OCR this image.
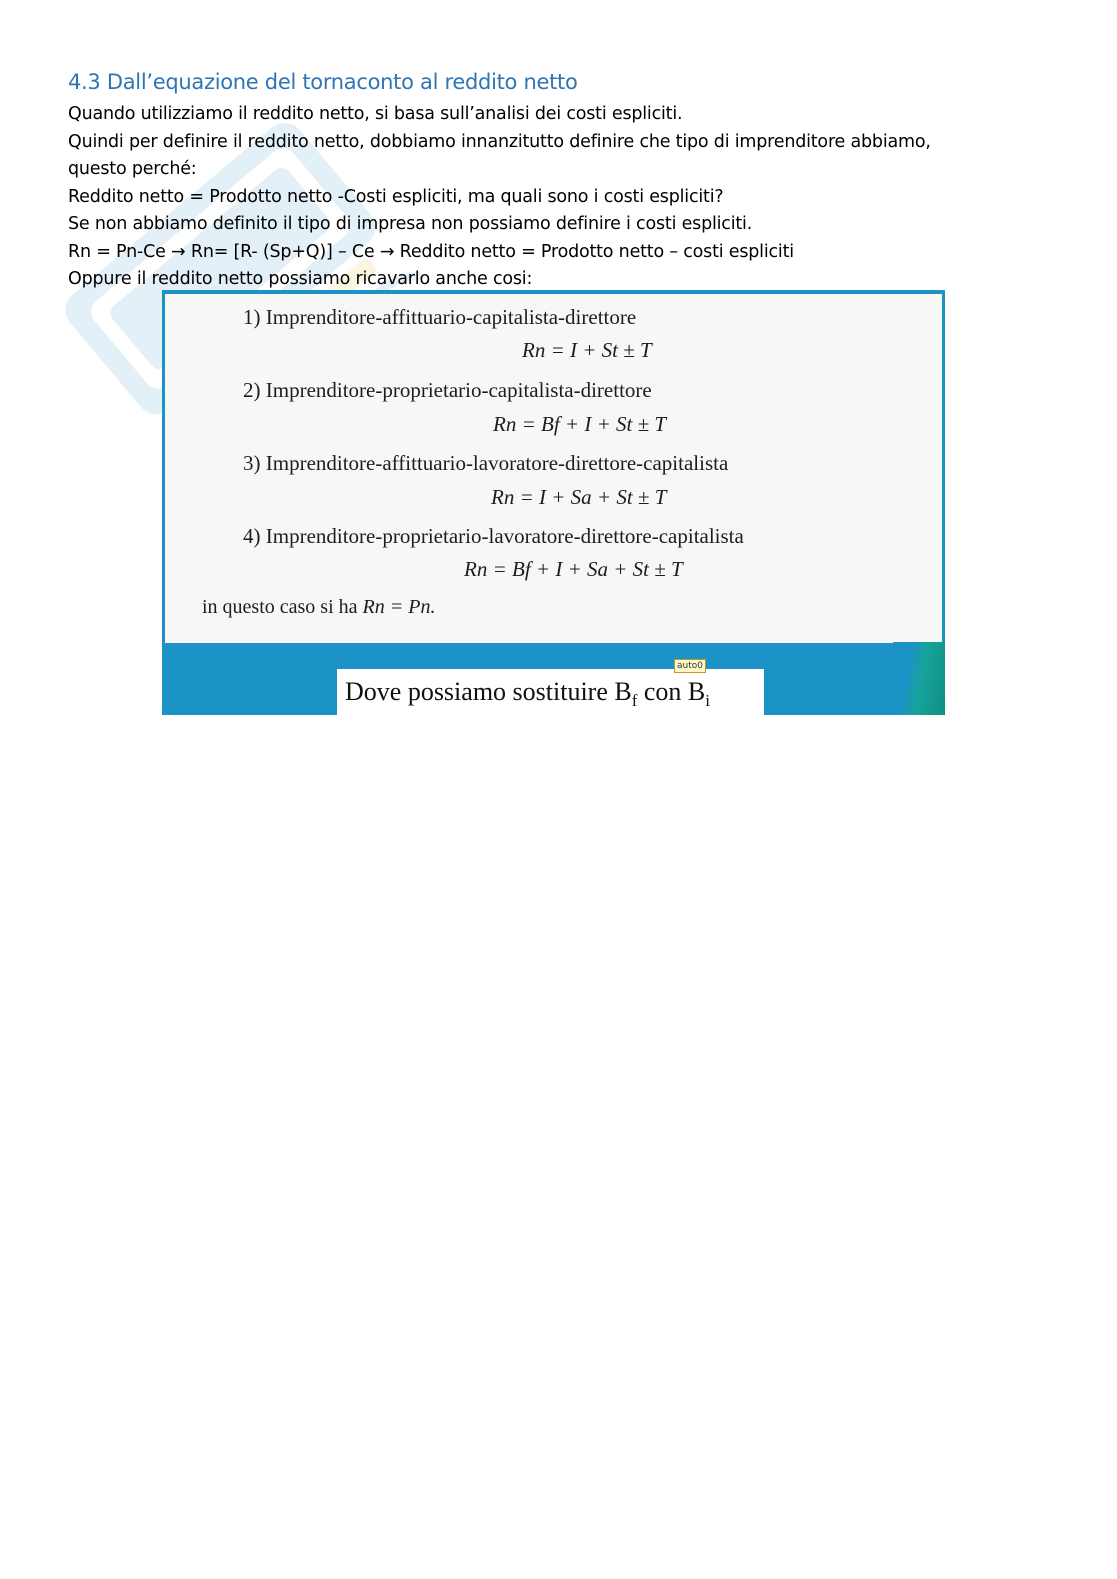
4.3 Dall’equazione del tornaconto al reddito netto

Quando utilizziamo il reddito netto, si basa sull’analisi dei costi espliciti.

Quindi per definire il reddito netto, dobbiamo innanzitutto definire che tipo di imprenditore abbiamo,

questo perché:

Reddito netto = Prodotto netto -Costi espliciti, ma quali sono i costi espliciti?

Se non abbiamo definito il tipo di impresa non possiamo definire i costi espliciti.

Rn = Pn-Ce → Rn= [R- (Sp+Q)] – Ce → Reddito netto = Prodotto netto – costi espliciti

Oppure il reddito netto possiamo ricavarlo anche cosi:

1) Imprenditore-affittuario-capitalista-direttore
Rn = I + St ± T
2) Imprenditore-proprietario-capitalista-direttore
Rn = Bf + I + St ± T
3) Imprenditore-affittuario-lavoratore-direttore-capitalista
Rn = I + Sa + St ± T
4) Imprenditore-proprietario-lavoratore-direttore-capitalista
Rn = Bf + I + Sa + St ± T
in questo caso si ha Rn = Pn.
Dove possiamo sostituire $B_f$ con $B_i$
auto0
